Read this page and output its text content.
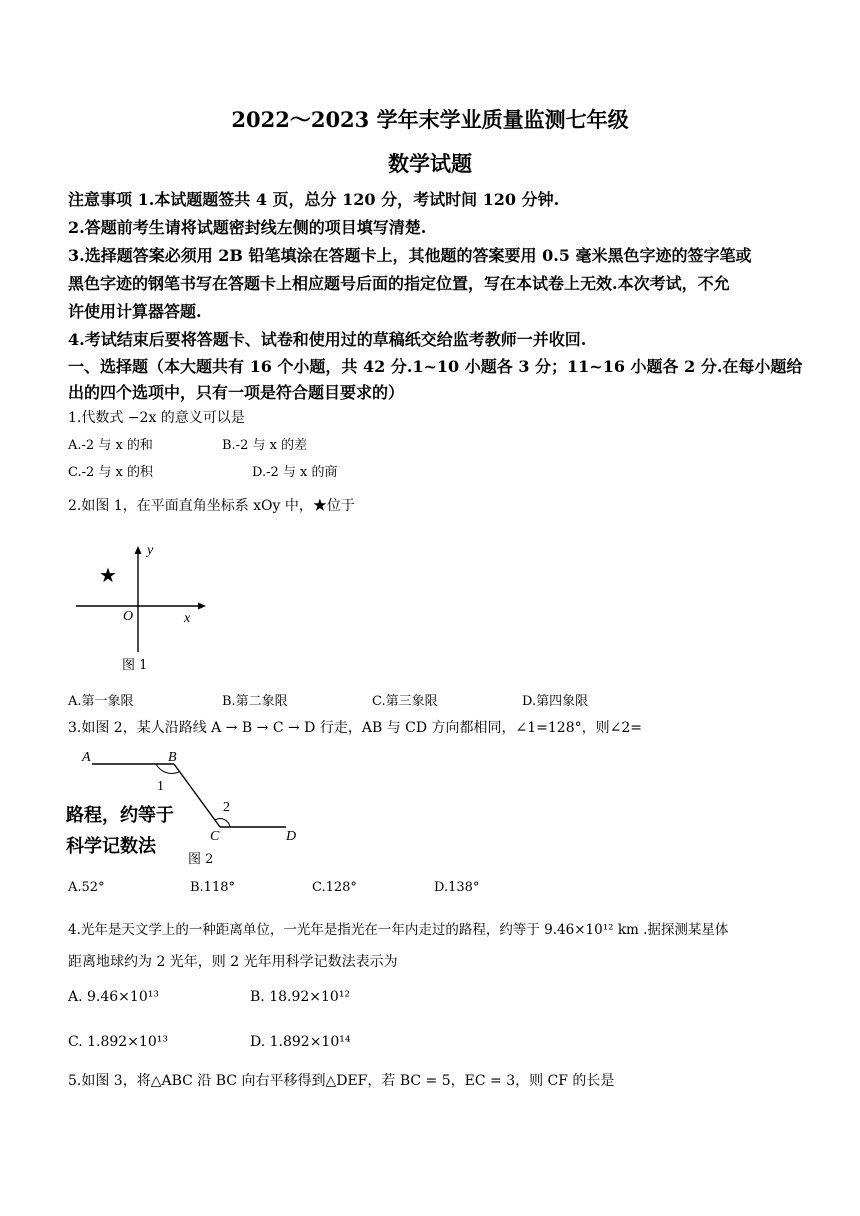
2022～2023 学年末学业质量监测七年级
数学试题
注意事项 1.本试题题签共 4 页，总分 120 分，考试时间 120 分钟.
2.答题前考生请将试题密封线左侧的项目填写清楚.
3.选择题答案必须用 2B 铅笔填涂在答题卡上，其他题的答案要用 0.5 毫米黑色字迹的签字笔或
黑色字迹的钢笔书写在答题卡上相应题号后面的指定位置，写在本试卷上无效.本次考试，不允
许使用计算器答题.
4.考试结束后要将答题卡、试卷和使用过的草稿纸交给监考教师一并收回.
一、选择题（本大题共有 16 个小题，共 42 分.1~10 小题各 3 分；11~16 小题各 2 分.在每小题给
出的四个选项中，只有一项是符合题目要求的）
1.代数式 −2x 的意义可以是
A.-2 与 x 的和	B.-2 与 x 的差
C.-2 与 x 的积	D.-2 与 x 的商
2.如图 1，在平面直角坐标系 xOy 中，★位于
y
x
O
★
图 1
A.第一象限	B.第二象限	C.第三象限	D.第四象限
3.如图 2，某人沿路线 A → B → C → D 行走，AB 与 CD 方向都相同，∠1=128°，则∠2=
A	B
1
2
C	D
路程，约等于
科学记数法
图 2
A.52°	B.118°	C.128°	D.138°
4.光年是天文学上的一种距离单位，一光年是指光在一年内走过的路程，约等于 9.46×10¹² km .据探测某星体
距离地球约为 2 光年，则 2 光年用科学记数法表示为
A. 9.46×10¹³	B. 18.92×10¹²
C. 1.892×10¹³	D. 1.892×10¹⁴
5.如图 3，将△ABC 沿 BC 向右平移得到△DEF，若 BC = 5，EC = 3，则 CF 的长是
